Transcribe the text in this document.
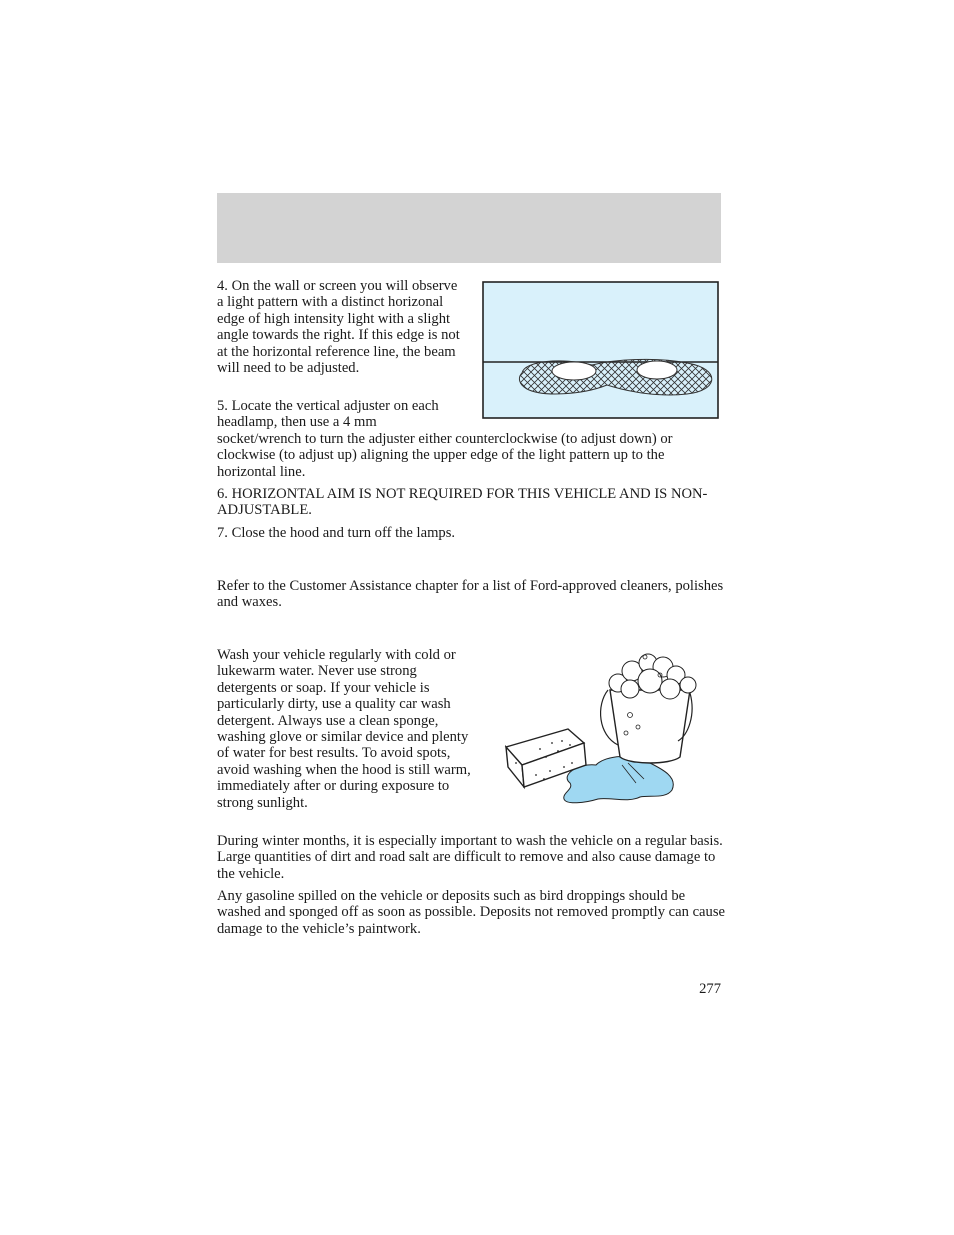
4. On the wall or screen you will observe a light pattern with a distinct horizonal edge of high intensity light with a slight angle towards the right. If this edge is not at the horizontal reference line, the beam will need to be adjusted.

5. Locate the vertical adjuster on each headlamp, then use a 4 mm

socket/wrench to turn the adjuster either counterclockwise (to adjust down) or clockwise (to adjust up) aligning the upper edge of the light pattern up to the horizontal line.

6. HORIZONTAL AIM IS NOT REQUIRED FOR THIS VEHICLE AND IS NON-ADJUSTABLE.

7. Close the hood and turn off the lamps.

Refer to the Customer Assistance chapter for a list of Ford-approved cleaners, polishes and waxes.

Wash your vehicle regularly with cold or lukewarm water. Never use strong detergents or soap. If your vehicle is particularly dirty, use a quality car wash detergent. Always use a clean sponge, washing glove or similar device and plenty of water for best results. To avoid spots, avoid washing when the hood is still warm, immediately after or during exposure to strong sunlight.

During winter months, it is especially important to wash the vehicle on a regular basis. Large quantities of dirt and road salt are difficult to remove and also cause damage to the vehicle.

Any gasoline spilled on the vehicle or deposits such as bird droppings should be washed and sponged off as soon as possible. Deposits not removed promptly can cause damage to the vehicle’s paintwork.

277
